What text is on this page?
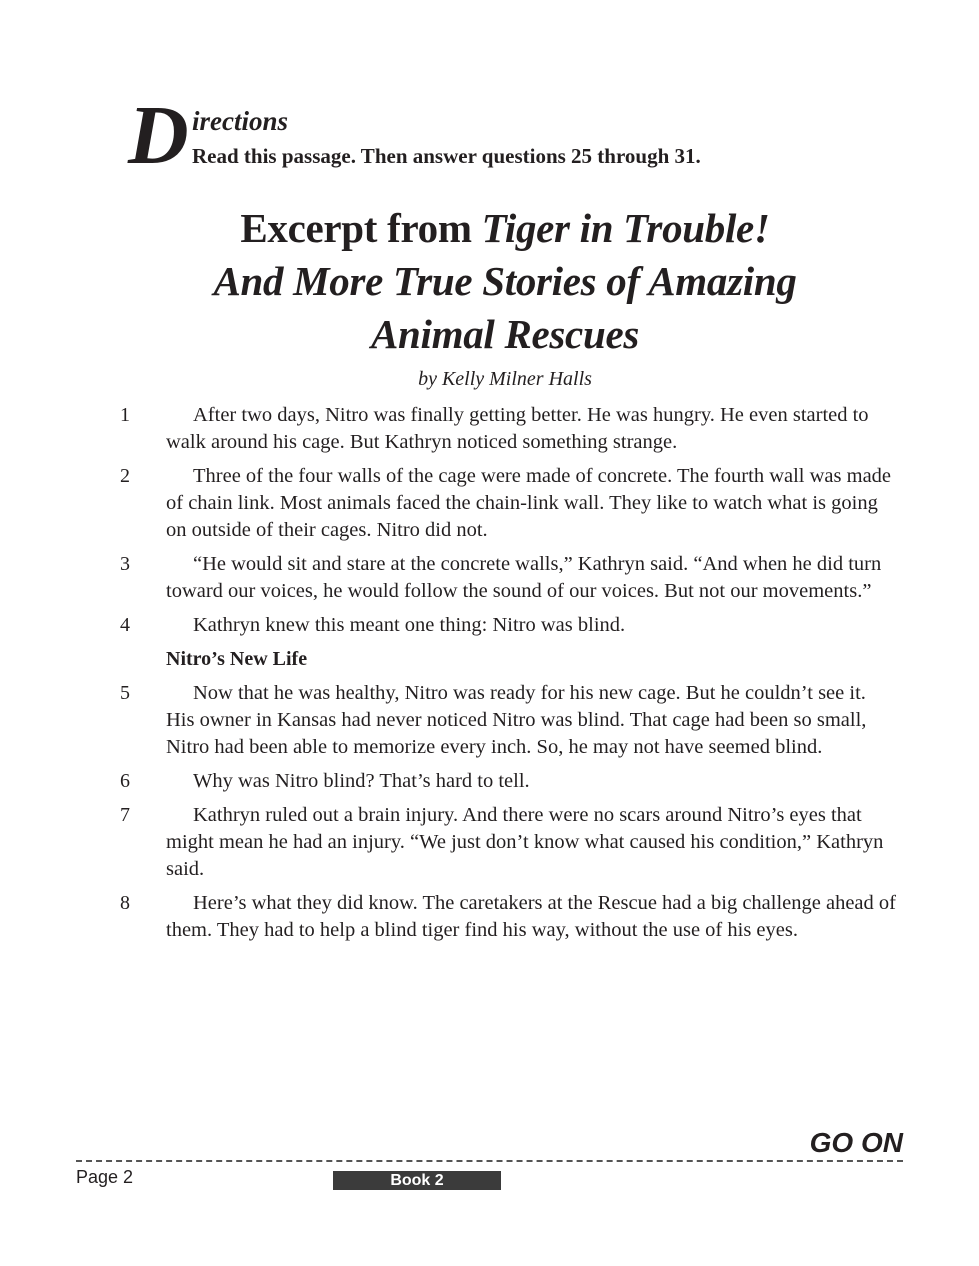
D irections
Read this passage. Then answer questions 25 through 31.
Excerpt from Tiger in Trouble!
And More True Stories of Amazing
Animal Rescues
by Kelly Milner Halls
1	After two days, Nitro was finally getting better. He was hungry. He even started to walk around his cage. But Kathryn noticed something strange.

2	Three of the four walls of the cage were made of concrete. The fourth wall was made of chain link. Most animals faced the chain-link wall. They like to watch what is going on outside of their cages. Nitro did not.

3	“He would sit and stare at the concrete walls,” Kathryn said. “And when he did turn toward our voices, he would follow the sound of our voices. But not our movements.”

4	Kathryn knew this meant one thing: Nitro was blind.

Nitro’s New Life
5	Now that he was healthy, Nitro was ready for his new cage. But he couldn’t see it. His owner in Kansas had never noticed Nitro was blind. That cage had been so small, Nitro had been able to memorize every inch. So, he may not have seemed blind.

6	Why was Nitro blind? That’s hard to tell.

7	Kathryn ruled out a brain injury. And there were no scars around Nitro’s eyes that might mean he had an injury. “We just don’t know what caused his condition,” Kathryn said.

8	Here’s what they did know. The caretakers at the Rescue had a big challenge ahead of them. They had to help a blind tiger find his way, without the use of his eyes.

GO ON
Page 2	Book 2
